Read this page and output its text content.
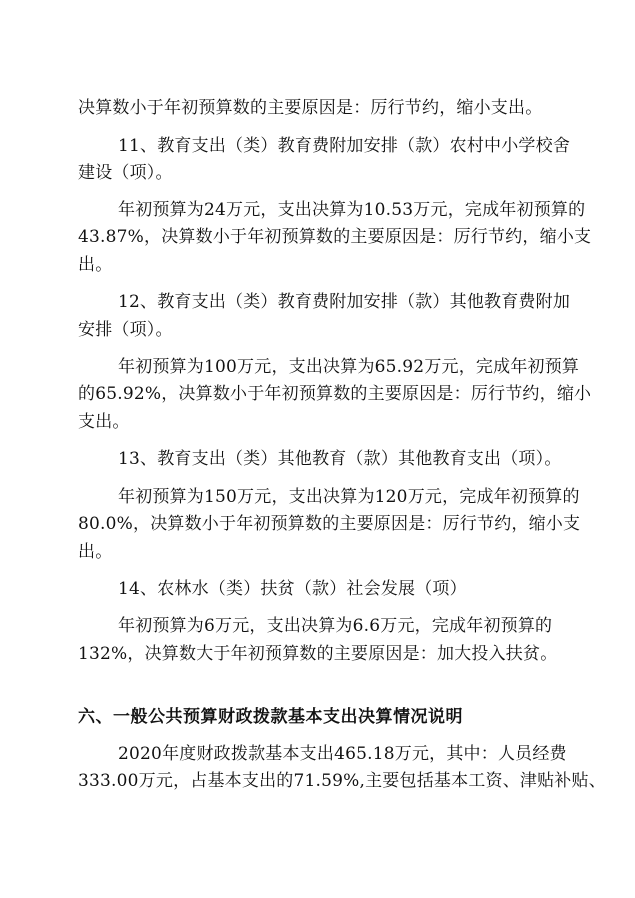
决算数小于年初预算数的主要原因是：厉行节约，缩小支出。
11、教育支出（类）教育费附加安排（款）农村中小学校舍
建设（项）。
年初预算为24万元，支出决算为10.53万元，完成年初预算的
43.87%，决算数小于年初预算数的主要原因是：厉行节约，缩小支
出。
12、教育支出（类）教育费附加安排（款）其他教育费附加
安排（项）。
年初预算为100万元，支出决算为65.92万元，完成年初预算
的65.92%，决算数小于年初预算数的主要原因是：厉行节约，缩小
支出。
13、教育支出（类）其他教育（款）其他教育支出（项）。
年初预算为150万元，支出决算为120万元，完成年初预算的
80.0%，决算数小于年初预算数的主要原因是：厉行节约，缩小支
出。
14、农林水（类）扶贫（款）社会发展（项）
年初预算为6万元，支出决算为6.6万元，完成年初预算的
132%，决算数大于年初预算数的主要原因是：加大投入扶贫。
六、一般公共预算财政拨款基本支出决算情况说明
2020年度财政拨款基本支出465.18万元，其中：人员经费
333.00万元，占基本支出的71.59%,主要包括基本工资、津贴补贴、
